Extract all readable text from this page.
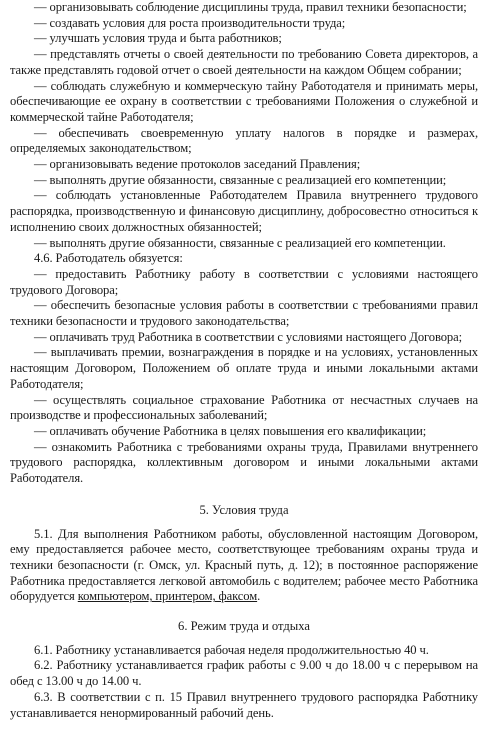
— организовывать соблюдение дисциплины труда, правил техники безопасности;

— создавать условия для роста производительности труда;

— улучшать условия труда и быта работников;

— представлять отчеты о своей деятельности по требованию Совета директоров, а также представлять годовой отчет о своей деятельности на каждом Общем собрании;

— соблюдать служебную и коммерческую тайну Работодателя и принимать меры, обеспечивающие ее охрану в соответствии с требованиями Положения о служебной и коммерческой тайне Работодателя;

— обеспечивать своевременную уплату налогов в порядке и размерах, определяемых законодательством;

— организовывать ведение протоколов заседаний Правления;

— выполнять другие обязанности, связанные с реализацией его компетенции;

— соблюдать установленные Работодателем Правила внутреннего трудового распорядка, производственную и финансовую дисциплину, добросовестно относиться к исполнению своих должностных обязанностей;

— выполнять другие обязанности, связанные с реализацией его компетенции.

4.6. Работодатель обязуется:

— предоставить Работнику работу в соответствии с условиями настоящего трудового Договора;

— обеспечить безопасные условия работы в соответствии с требованиями правил техники безопасности и трудового законодательства;

— оплачивать труд Работника в соответствии с условиями настоящего Договора;

— выплачивать премии, вознаграждения в порядке и на условиях, установленных настоящим Договором, Положением об оплате труда и иными локальными актами Работодателя;

— осуществлять социальное страхование Работника от несчастных случаев на производстве и профессиональных заболеваний;

— оплачивать обучение Работника в целях повышения его квалификации;

— ознакомить Работника с требованиями охраны труда, Правилами внутреннего трудового распорядка, коллективным договором и иными локальными актами Работодателя.

5. Условия труда

5.1. Для выполнения Работником работы, обусловленной настоящим Договором, ему предоставляется рабочее место, соответствующее требованиям охраны труда и техники безопасности (г. Омск, ул. Красный путь, д. 12); в постоянное распоряжение Работника предоставляется легковой автомобиль с водителем; рабочее место Работника оборудуется компьютером, принтером, факсом.

6. Режим труда и отдыха

6.1. Работнику устанавливается рабочая неделя продолжительностью 40 ч.

6.2. Работнику устанавливается график работы с 9.00 ч до 18.00 ч с перерывом на обед с 13.00 ч до 14.00 ч.

6.3. В соответствии с п. 15 Правил внутреннего трудового распорядка Работнику устанавливается ненормированный рабочий день.
